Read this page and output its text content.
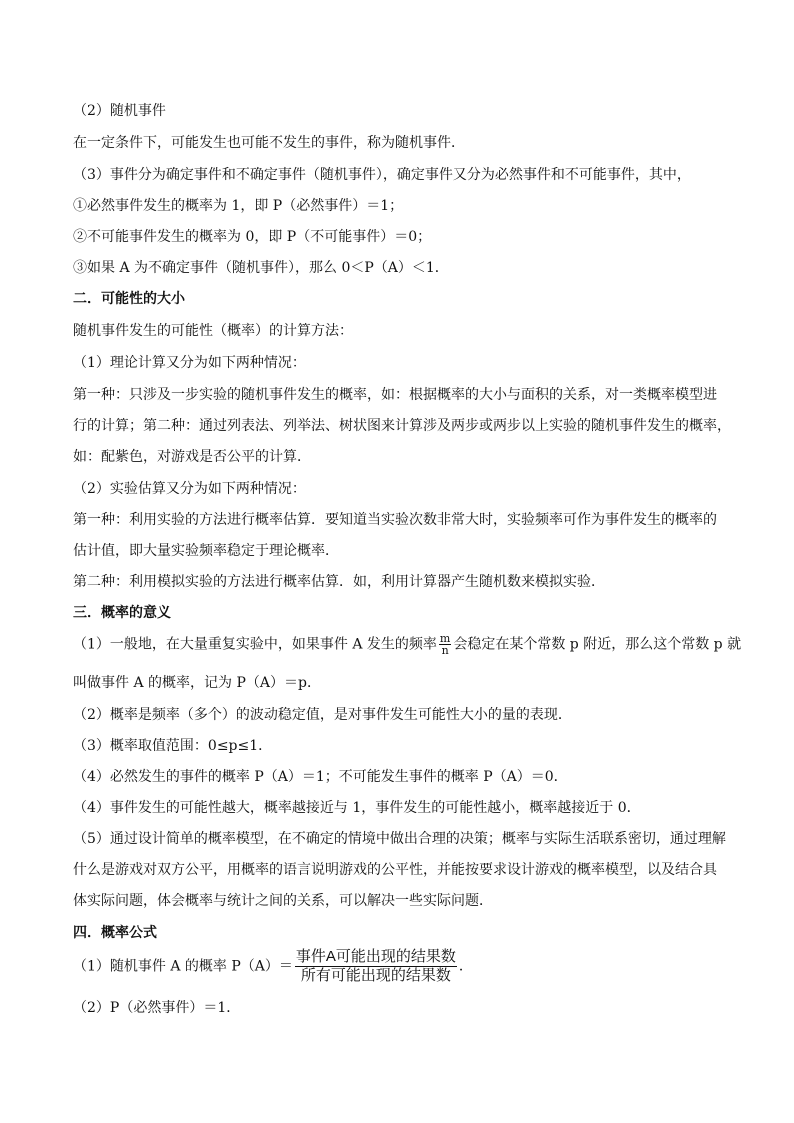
（2）随机事件
在一定条件下，可能发生也可能不发生的事件，称为随机事件．
（3）事件分为确定事件和不确定事件（随机事件），确定事件又分为必然事件和不可能事件，其中，
①必然事件发生的概率为 1，即 P（必然事件）＝1；
②不可能事件发生的概率为 0，即 P（不可能事件）＝0；
③如果 A 为不确定事件（随机事件），那么 0＜P（A）＜1．
二．可能性的大小
随机事件发生的可能性（概率）的计算方法：
（1）理论计算又分为如下两种情况：
第一种：只涉及一步实验的随机事件发生的概率，如：根据概率的大小与面积的关系，对一类概率模型进
行的计算；第二种：通过列表法、列举法、树状图来计算涉及两步或两步以上实验的随机事件发生的概率，
如：配紫色，对游戏是否公平的计算．
（2）实验估算又分为如下两种情况：
第一种：利用实验的方法进行概率估算．要知道当实验次数非常大时，实验频率可作为事件发生的概率的
估计值，即大量实验频率稳定于理论概率．
第二种：利用模拟实验的方法进行概率估算．如，利用计算器产生随机数来模拟实验．
三．概率的意义
（1）一般地，在大量重复实验中，如果事件 A 发生的频率 $\frac{m}{n}$ 会稳定在某个常数 p 附近，那么这个常数 p 就
叫做事件 A 的概率，记为 P（A）＝p．
（2）概率是频率（多个）的波动稳定值，是对事件发生可能性大小的量的表现．
（3）概率取值范围：0≤p≤1．
（4）必然发生的事件的概率 P（A）＝1；不可能发生事件的概率 P（A）＝0．
（4）事件发生的可能性越大，概率越接近与 1，事件发生的可能性越小，概率越接近于 0．
（5）通过设计简单的概率模型，在不确定的情境中做出合理的决策；概率与实际生活联系密切，通过理解
什么是游戏对双方公平，用概率的语言说明游戏的公平性，并能按要求设计游戏的概率模型，以及结合具
体实际问题，体会概率与统计之间的关系，可以解决一些实际问题．
四．概率公式
（1）随机事件 A 的概率 $P(A)= \frac{\text{事件A可能出现的结果数}}{\text{所有可能出现的结果数}}$ ．
（2）P（必然事件）＝1．
